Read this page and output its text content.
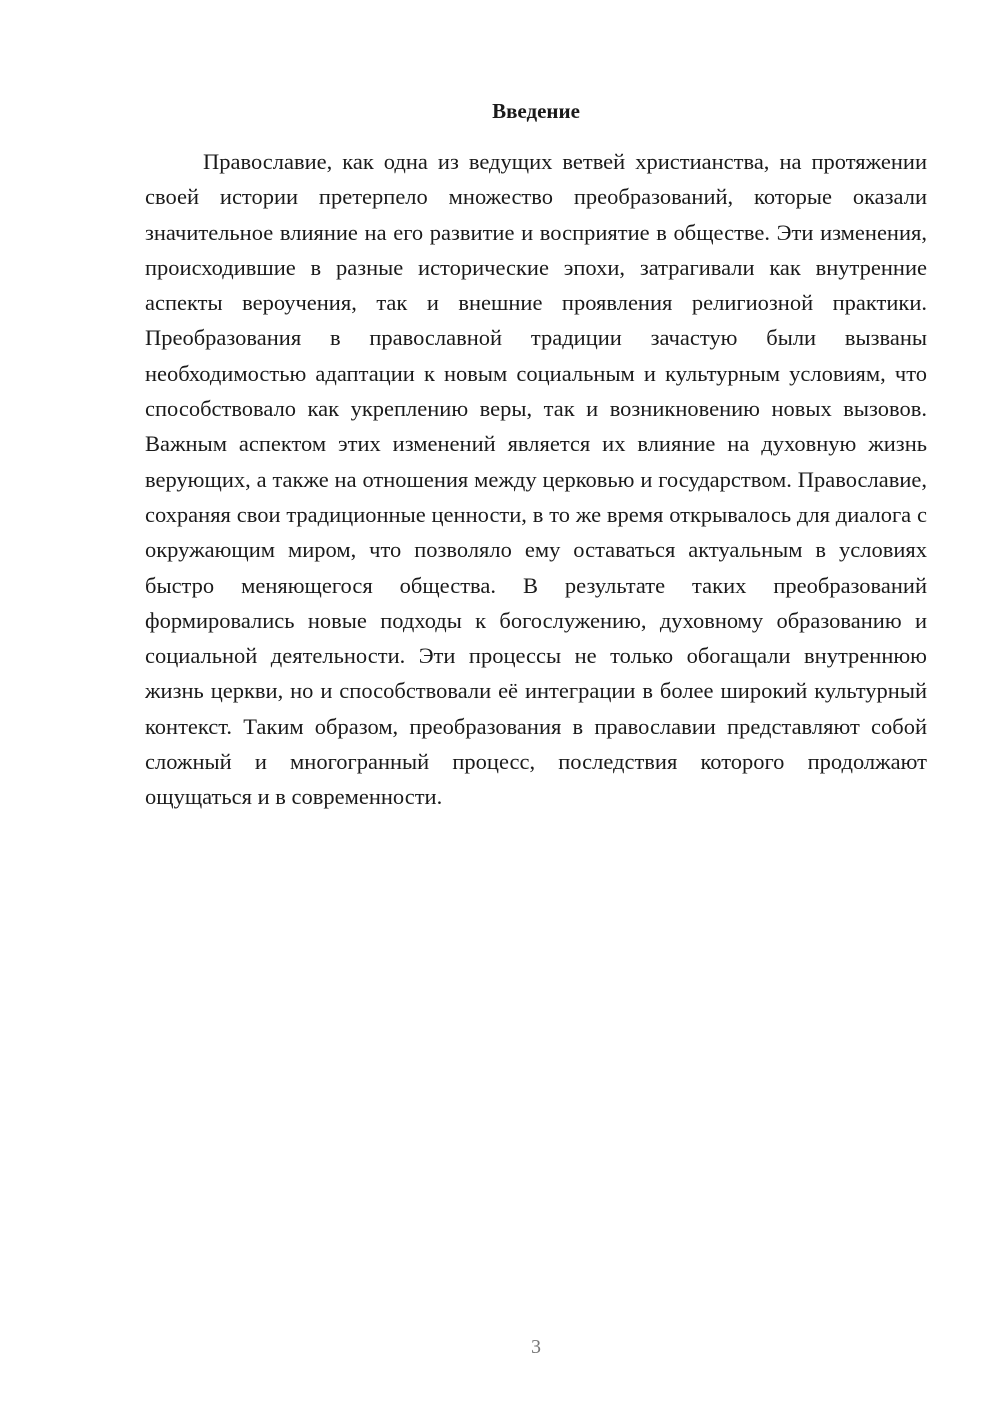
Введение

Православие, как одна из ведущих ветвей христианства, на протяжении своей истории претерпело множество преобразований, которые оказали значительное влияние на его развитие и восприятие в обществе. Эти изменения, происходившие в разные исторические эпохи, затрагивали как внутренние аспекты вероучения, так и внешние проявления религиозной практики. Преобразования в православной традиции зачастую были вызваны необходимостью адаптации к новым социальным и культурным условиям, что способствовало как укреплению веры, так и возникновению новых вызовов. Важным аспектом этих изменений является их влияние на духовную жизнь верующих, а также на отношения между церковью и государством. Православие, сохраняя свои традиционные ценности, в то же время открывалось для диалога с окружающим миром, что позволяло ему оставаться актуальным в условиях быстро меняющегося общества. В результате таких преобразований формировались новые подходы к богослужению, духовному образованию и социальной деятельности. Эти процессы не только обогащали внутреннюю жизнь церкви, но и способствовали её интеграции в более широкий культурный контекст. Таким образом, преобразования в православии представляют собой сложный и многогранный процесс, последствия которого продолжают ощущаться и в современности.

3
